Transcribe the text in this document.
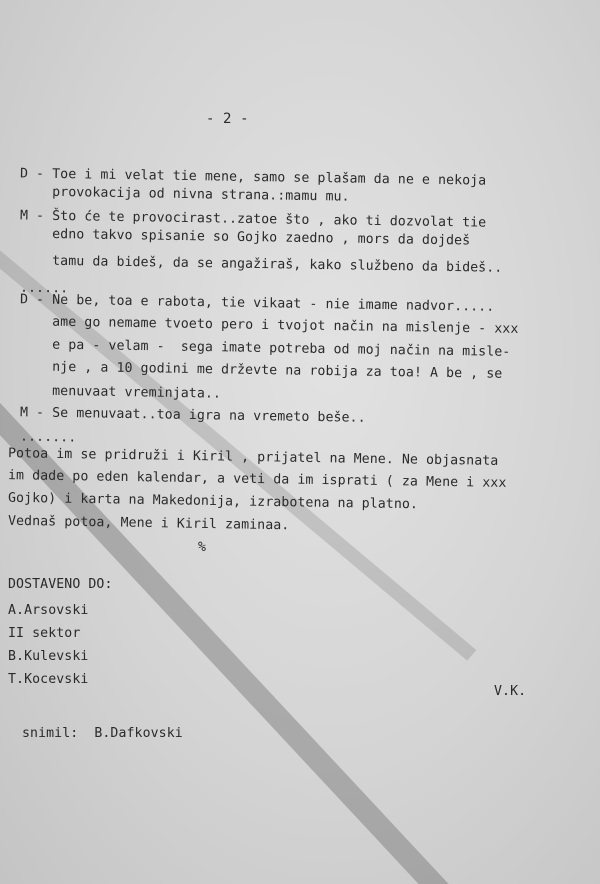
- 2 -
D - Toe i mi velat tie mene, samo se plašam da ne e nekoja
provokacija od nivna strana.:mamu mu.
M - Što će te provocirast..zatoe što , ako ti dozvolat tie
edno takvo spisanie so Gojko zaedno , mors da dojdeš
tamu da bideš, da se angažiraš, kako službeno da bideš..
......
D - Ne be, toa e rabota, tie vikaat - nie imame nadvor.....
ame go nemame tvoeto pero i tvojot način na mislenje - xxx
e pa - velam -  sega imate potreba od moj način na misle-
nje , a 10 godini me drževte na robija za toa! A be , se
menuvaat vreminjata..
M - Se menuvaat..toa igra na vremeto beše..
.......
Potoa im se pridruži i Kiril , prijatel na Mene. Ne objasnata
im dade po eden kalendar, a veti da im isprati ( za Mene i xxx
Gojko) i karta na Makedonija, izrabotena na platno.
Vednaš potoa, Mene i Kiril zaminaa.
%
DOSTAVENO DO:
A.Arsovski
II sektor
B.Kulevski
T.Kocevski
V.K.
snimil:  B.Dafkovski
